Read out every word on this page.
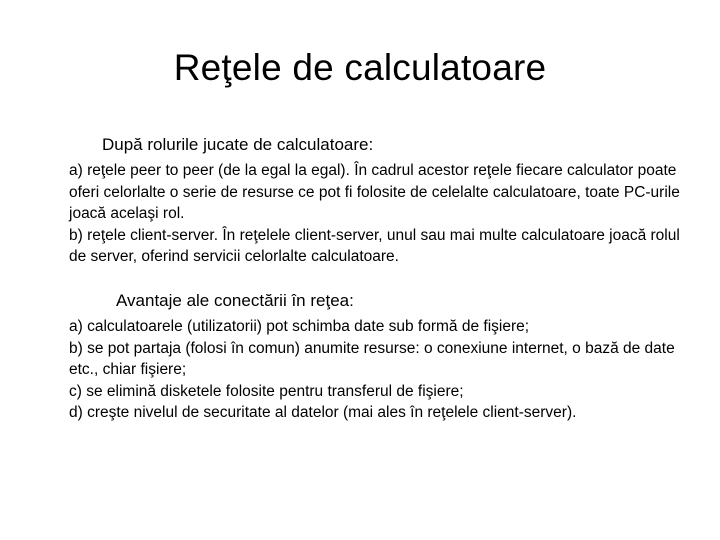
Reţele de calculatoare
După rolurile jucate de calculatoare:

a) reţele peer to peer (de la egal la egal). În cadrul acestor reţele fiecare calculator poate oferi celorlalte o serie de resurse ce pot fi folosite de celelalte calculatoare, toate PC-urile joacă acelaşi rol.

b) reţele client-server. În reţelele client-server, unul sau mai multe calculatoare joacă rolul de server, oferind servicii celorlalte calculatoare.

Avantaje ale conectării în reţea:

a) calculatoarele (utilizatorii) pot schimba date sub formă de fişiere;

b) se pot partaja (folosi în comun) anumite resurse: o conexiune internet, o bază de date etc., chiar fişiere;

c) se elimină disketele folosite pentru transferul de fişiere;

d) creşte nivelul de securitate al datelor (mai ales în reţelele client-server).
